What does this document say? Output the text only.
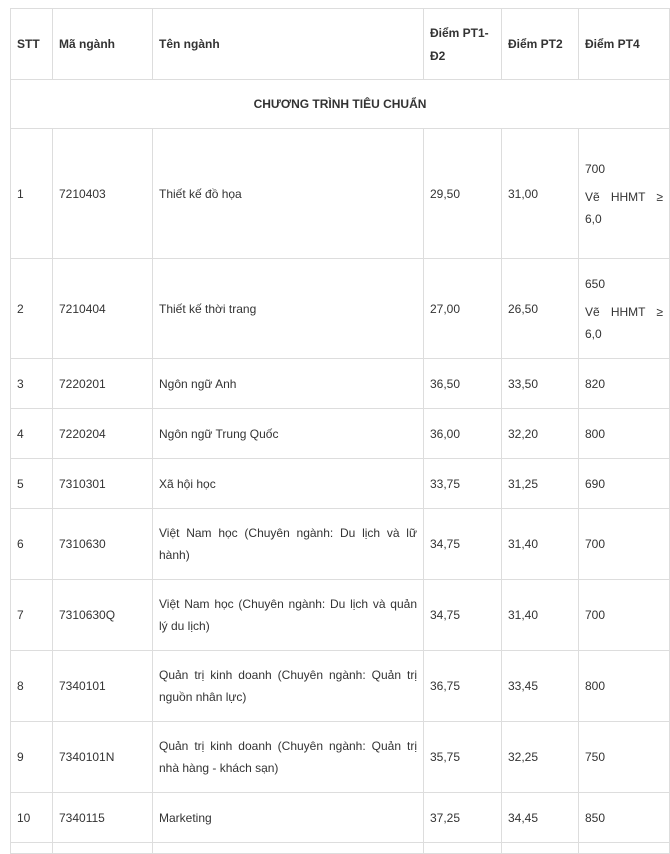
STT	Mã ngành	Tên ngành	Điểm PT1-Đ2	Điểm PT2	Điểm PT4
CHƯƠNG TRÌNH TIÊU CHUẨN					
1	7210403	Thiết kế đồ họa	29,50	31,00	700
Vẽ HHMT ≥ 6,0

2	7210404	Thiết kế thời trang	27,00	26,50	650
Vẽ HHMT ≥ 6,0

3	7220201	Ngôn ngữ Anh	36,50	33,50	820
4	7220204	Ngôn ngữ Trung Quốc	36,00	32,20	800
5	7310301	Xã hội học	33,75	31,25	690
6	7310630	Việt Nam học (Chuyên ngành: Du lịch và lữ hành)	34,75	31,40	700
7	7310630Q	Việt Nam học (Chuyên ngành: Du lịch và quản lý du lịch)	34,75	31,40	700
8	7340101	Quản trị kinh doanh (Chuyên ngành: Quản trị nguồn nhân lực)	36,75	33,45	800
9	7340101N	Quản trị kinh doanh (Chuyên ngành: Quản trị nhà hàng - khách sạn)	35,75	32,25	750
10	7340115	Marketing	37,25	34,45	850
